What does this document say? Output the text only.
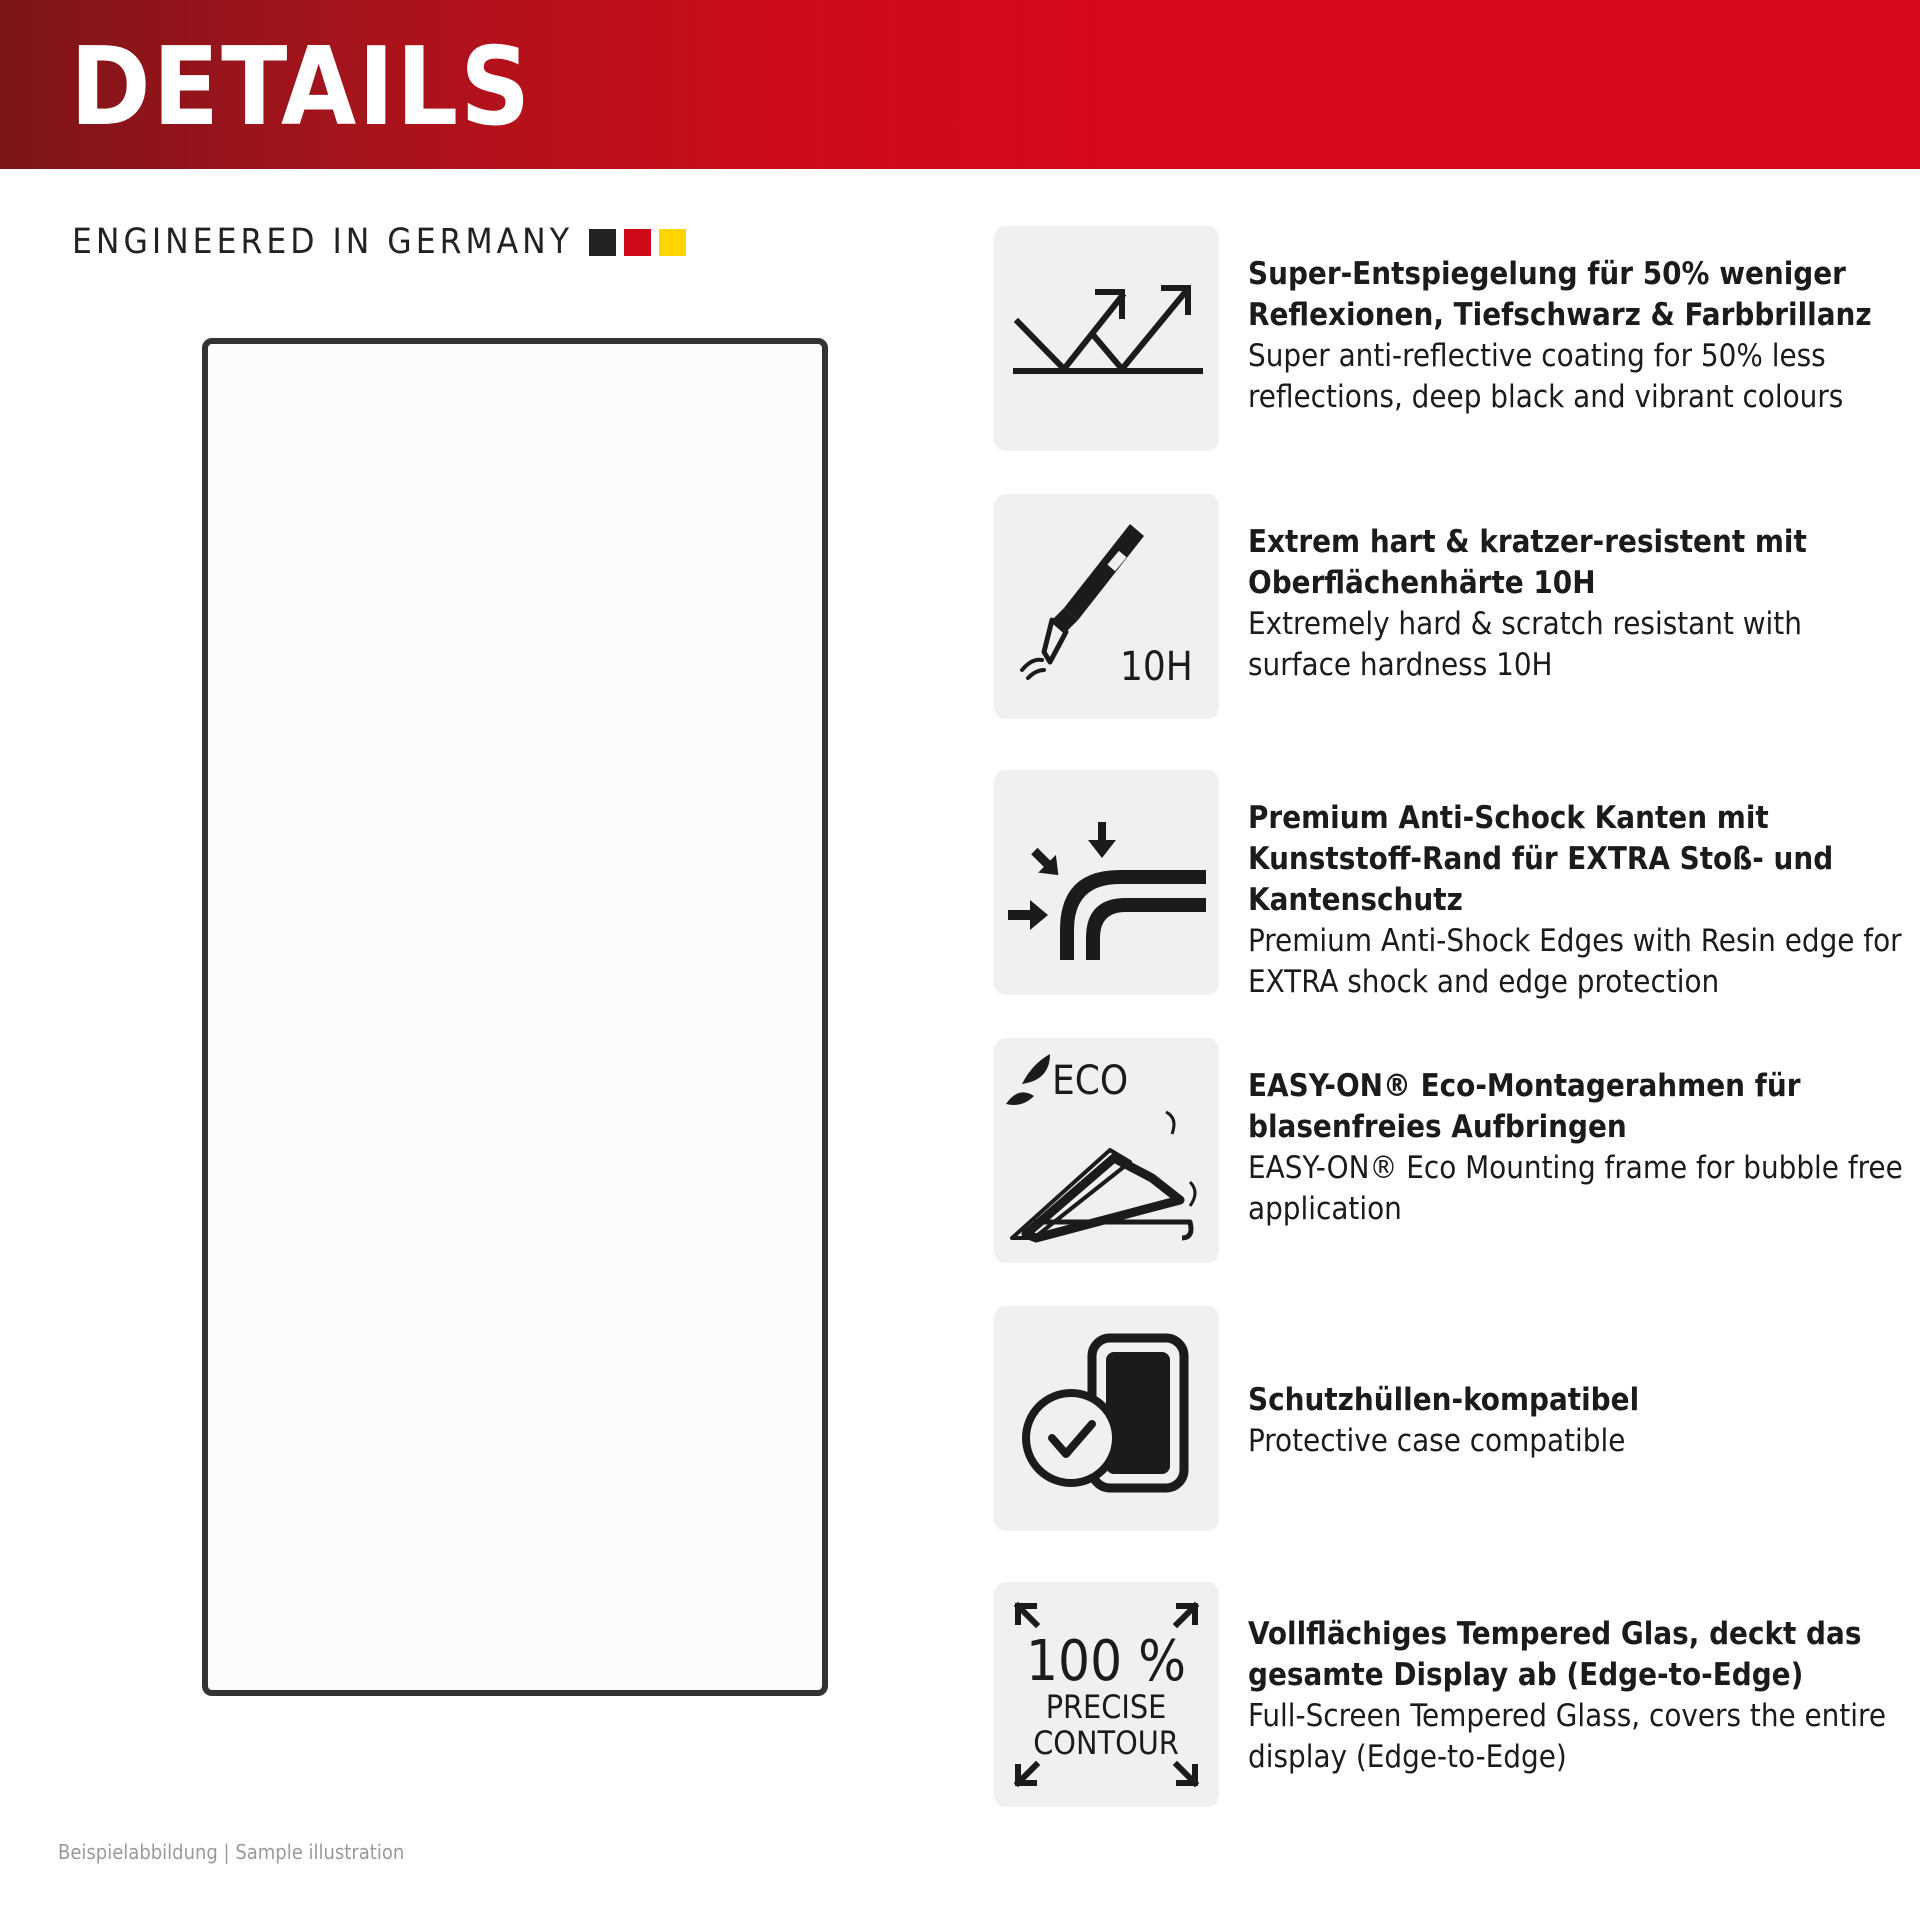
DETAILS
ENGINEERED IN GERMANY
Super-Entspiegelung für 50% weniger Reflexionen, Tiefschwarz & Farbbrillanz
Super anti-reflective coating for 50% less reflections, deep black and vibrant colours
10H
Extrem hart & kratzer-resistent mit Oberflächenhärte 10H
Extremely hard & scratch resistant with surface hardness 10H
Premium Anti-Schock Kanten mit Kunststoff-Rand für EXTRA Stoß- und Kantenschutz
Premium Anti-Shock Edges with Resin edge for EXTRA shock and edge protection
ECO	EASY-ON® Eco-Montagerahmen für blasenfreies Aufbringen
EASY-ON® Eco Mounting frame for bubble free application
Schutzhüllen-kompatibel
Protective case compatible
100 %
PRECISE
CONTOUR
Vollflächiges Tempered Glas, deckt das gesamte Display ab (Edge-to-Edge)
Full-Screen Tempered Glass, covers the entire display (Edge-to-Edge)
Beispielabbildung | Sample illustration
